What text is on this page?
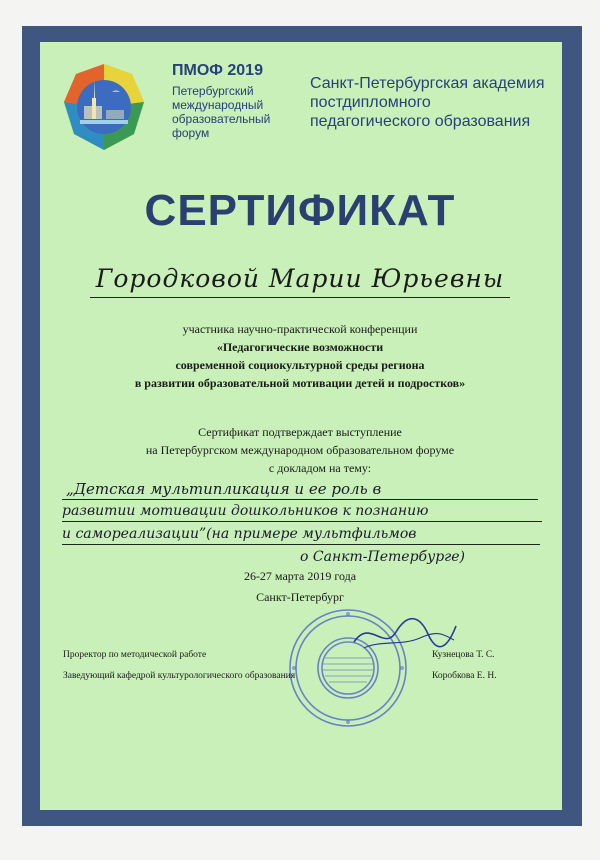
ПМОФ 2019
Петербургский
международный
образовательный
форум
Санкт-Петербургская академия
постдипломного
педагогического образования
СЕРТИФИКАТ
Городковой Марии Юрьевны
участника научно-практической конференции
«Педагогические возможности
современной социокультурной среды региона
в развитии образовательной мотивации детей и подростков»
Сертификат подтверждает выступление
на Петербургском международном образовательном форуме
с докладом на тему:
„Детская мультипликация и ее роль в
развитии мотивации дошкольников к познанию
и самореализации”(на примере мультфильмов
о Санкт-Петербурге)
26-27 марта 2019 года
Санкт-Петербург
Проректор по методической работе	Кузнецова Т. С.
Заведующий кафедрой культурологического образования	Коробкова Е. Н.
